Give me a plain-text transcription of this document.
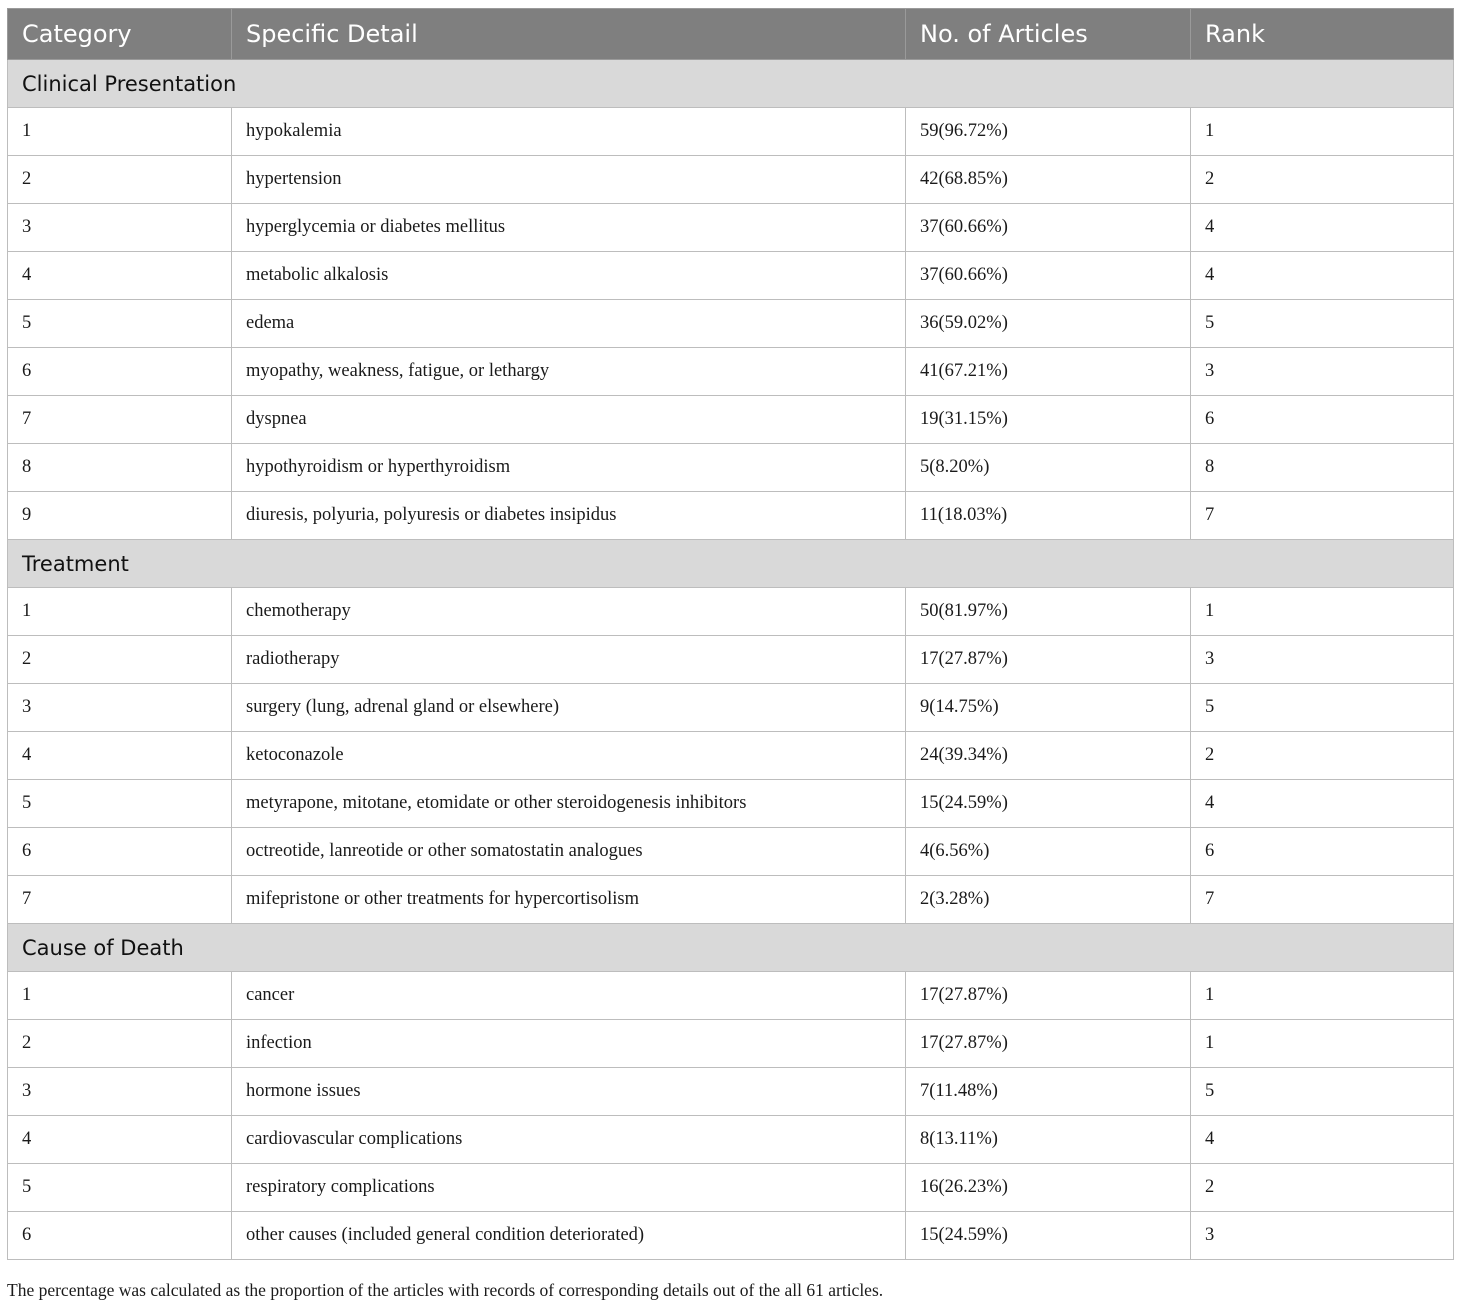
Category	Specific Detail	No. of Articles	Rank
Clinical Presentation			
1	hypokalemia	59(96.72%)	1
2	hypertension	42(68.85%)	2
3	hyperglycemia or diabetes mellitus	37(60.66%)	4
4	metabolic alkalosis	37(60.66%)	4
5	edema	36(59.02%)	5
6	myopathy, weakness, fatigue, or lethargy	41(67.21%)	3
7	dyspnea	19(31.15%)	6
8	hypothyroidism or hyperthyroidism	5(8.20%)	8
9	diuresis, polyuria, polyuresis or diabetes insipidus	11(18.03%)	7
Treatment			
1	chemotherapy	50(81.97%)	1
2	radiotherapy	17(27.87%)	3
3	surgery (lung, adrenal gland or elsewhere)	9(14.75%)	5
4	ketoconazole	24(39.34%)	2
5	metyrapone, mitotane, etomidate or other steroidogenesis inhibitors	15(24.59%)	4
6	octreotide, lanreotide or other somatostatin analogues	4(6.56%)	6
7	mifepristone or other treatments for hypercortisolism	2(3.28%)	7
Cause of Death			
1	cancer	17(27.87%)	1
2	infection	17(27.87%)	1
3	hormone issues	7(11.48%)	5
4	cardiovascular complications	8(13.11%)	4
5	respiratory complications	16(26.23%)	2
6	other causes (included general condition deteriorated)	15(24.59%)	3
The percentage was calculated as the proportion of the articles with records of corresponding details out of the all 61 articles.
